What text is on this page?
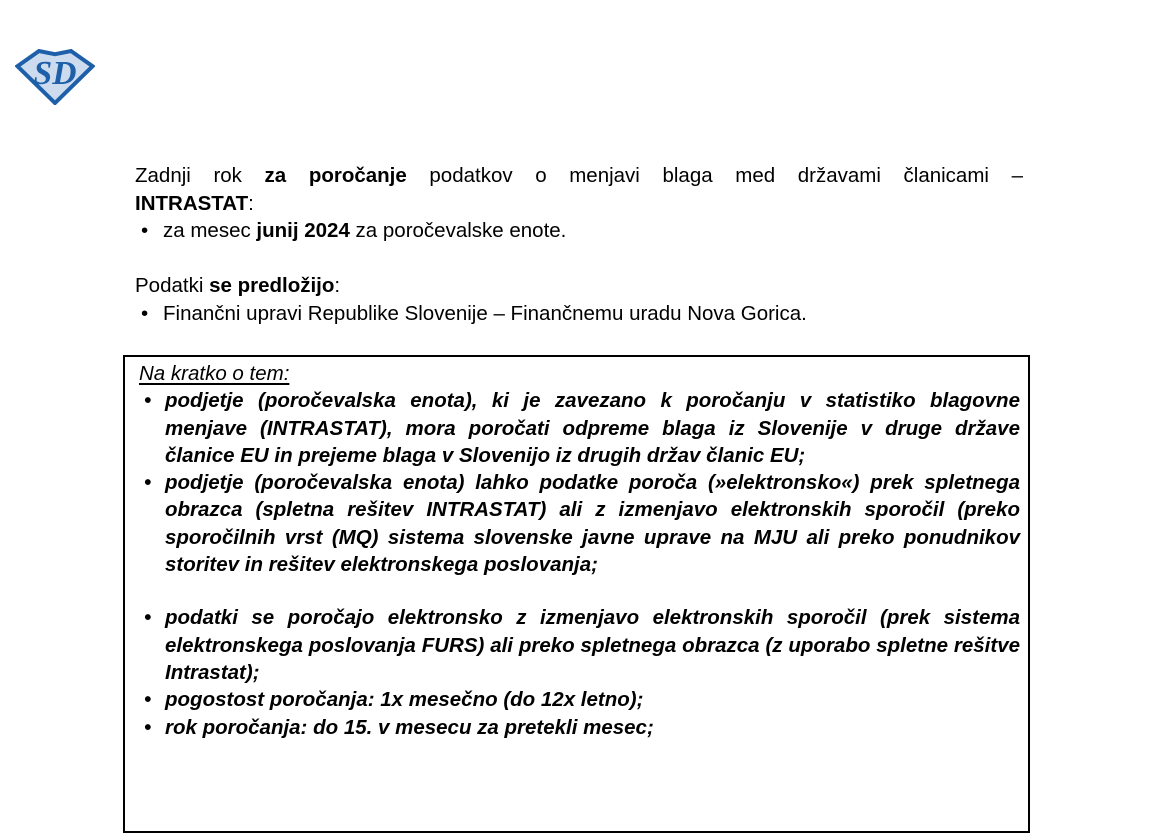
SD
Zadnji rok za poročanje podatkov o menjavi blaga med državami članicami –
INTRASTAT:
• za mesec junij 2024 za poročevalske enote.
Podatki se predložijo:
• Finančni upravi Republike Slovenije – Finančnemu uradu Nova Gorica.
Na kratko o tem:
• podjetje (poročevalska enota), ki je zavezano k poročanju v statistiko blagovne menjave (INTRASTAT), mora poročati odpreme blaga iz Slovenije v druge države članice EU in prejeme blaga v Slovenijo iz drugih držav članic EU;
• podjetje (poročevalska enota) lahko podatke poroča (»elektronsko«) prek spletnega obrazca (spletna rešitev INTRASTAT) ali z izmenjavo elektronskih sporočil (preko sporočilnih vrst (MQ) sistema slovenske javne uprave na MJU ali preko ponudnikov storitev in rešitev elektronskega poslovanja;
• podatki se poročajo elektronsko z izmenjavo elektronskih sporočil (prek sistema elektronskega poslovanja FURS) ali preko spletnega obrazca (z uporabo spletne rešitve Intrastat);
• pogostost poročanja: 1x mesečno (do 12x letno);
• rok poročanja: do 15. v mesecu za pretekli mesec;
